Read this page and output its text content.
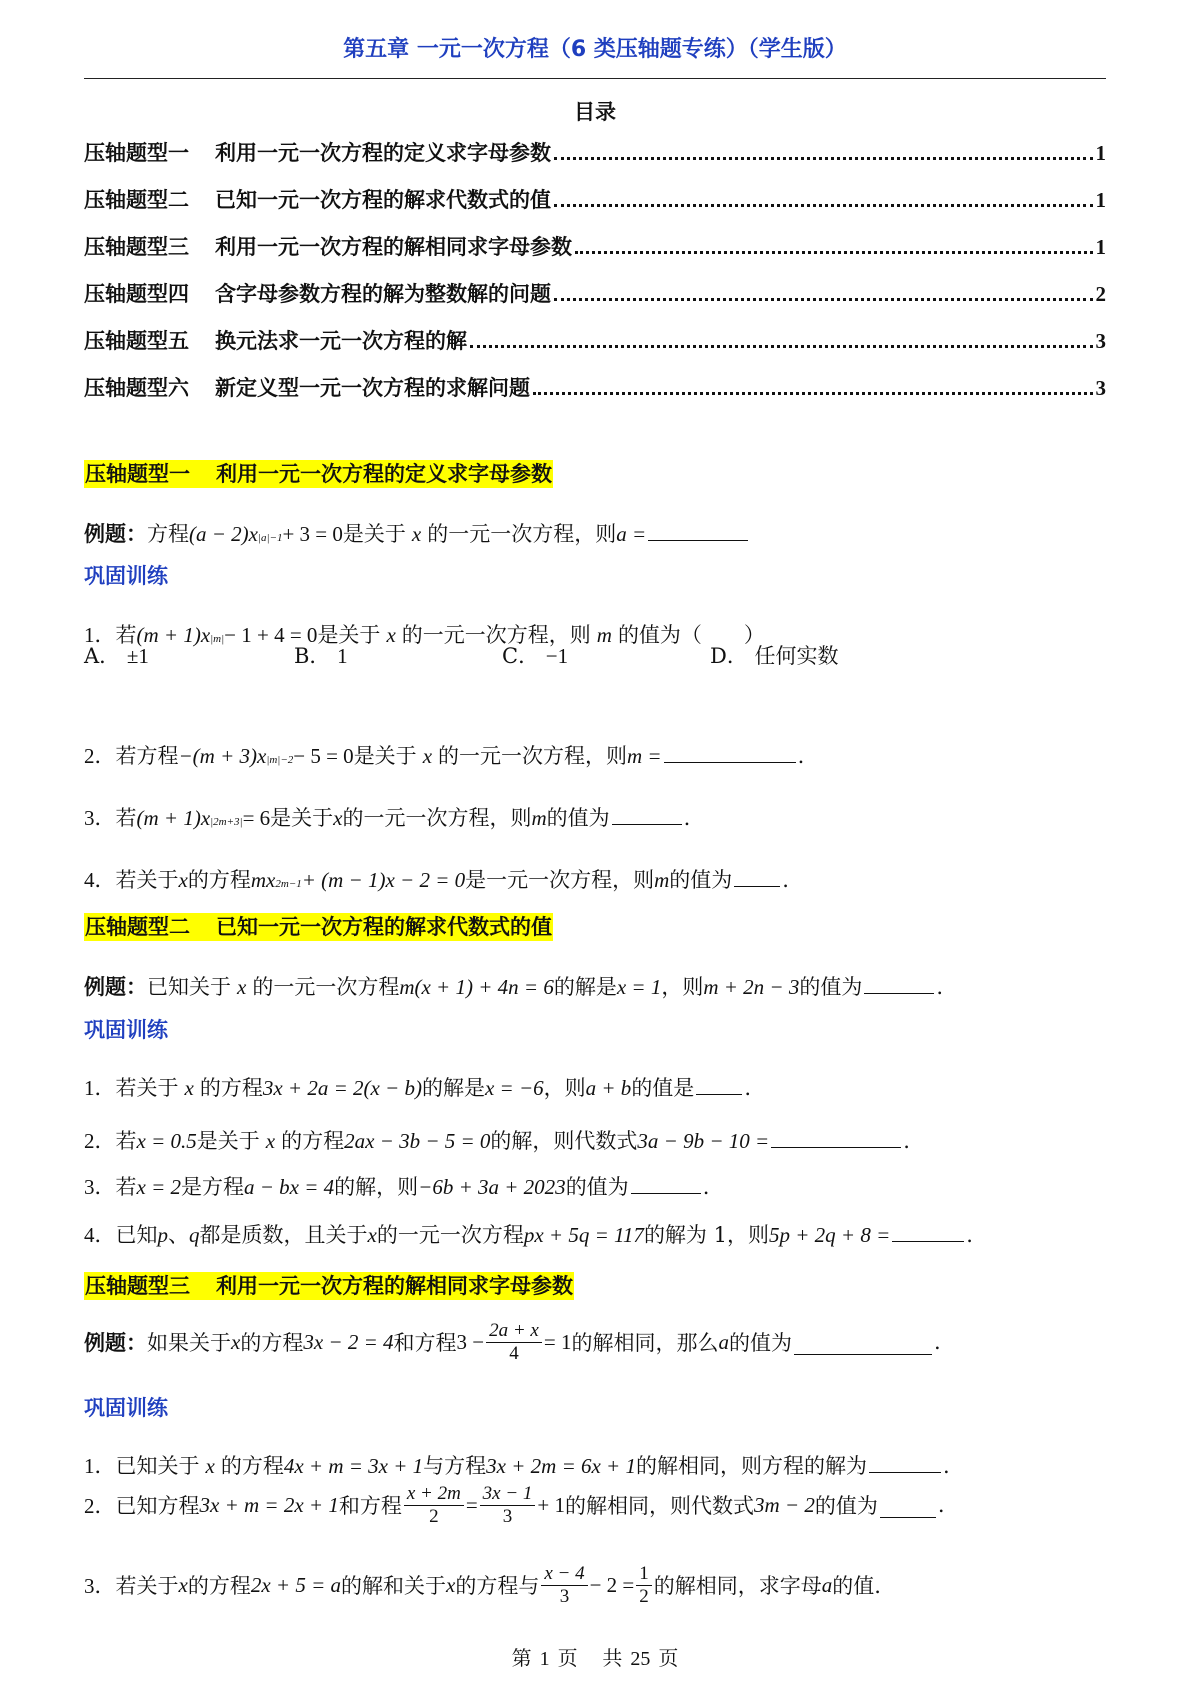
第五章 一元一次方程（6 类压轴题专练）（学生版）
目录
压轴题型一 利用一元一次方程的定义求字母参数	1
压轴题型二 已知一元一次方程的解求代数式的值	1
压轴题型三 利用一元一次方程的解相同求字母参数	1
压轴题型四 含字母参数方程的解为整数解的问题	2
压轴题型五 换元法求一元一次方程的解	3
压轴题型六 新定义型一元一次方程的求解问题	3
压轴题型一 利用一元一次方程的定义求字母参数
例题： 方程 (a − 2)x |a|−1 + 3 = 0 是关于 x 的一元一次方程，则 a =
巩固训练
1． 若 (m + 1)x |m| − 1 + 4 = 0 是关于 x 的一元一次方程，则 m 的值为（　　）
A． ±1	B． 1	C． −1	D． 任何实数
2． 若方程 −(m + 3)x |m|−2 − 5 = 0 是关于 x 的一元一次方程，则 m =	.
3． 若 (m + 1)x |2m+3| = 6 是关于 x 的一元一次方程，则 m 的值为	.
4． 若关于 x 的方程 mx 2m−1 + (m − 1)x − 2 = 0 是一元一次方程，则 m 的值为 .
压轴题型二 已知一元一次方程的解求代数式的值
例题： 已知关于 x 的一元一次方程 m(x + 1) + 4n = 6 的解是 x = 1 ，则 m + 2n − 3 的值为	.
巩固训练
1． 若关于 x 的方程 3x + 2a = 2(x − b) 的解是 x = −6 ，则 a + b 的值是 .
2． 若 x = 0.5 是关于 x 的方程 2ax − 3b − 5 = 0 的解，则代数式 3a − 9b − 10 =	.
3． 若 x = 2 是方程 a − bx = 4 的解，则 −6b + 3a + 2023 的值为	.
4． 已知 p 、 q 都是质数，且关于 x 的一元一次方程 px + 5q = 117 的解为 1，则 5p + 2q + 8 =	.
压轴题型三 利用一元一次方程的解相同求字母参数
例题： 如果关于 x 的方程 3x − 2 = 4 和方程 $3 - \frac{2a + x}{4} = 1$ 的解相同，那么 a 的值为	.
巩固训练
1． 已知关于 x 的方程 4x + m = 3x + 1 与方程 3x + 2m = 6x + 1 的解相同，则方程的解为	.
2． 已知方程 3x + m = 2x + 1 和方程 $\frac{x + 2m}{2} = \frac{3x - 1}{3} + 1$ 的解相同，则代数式 3m − 2 的值为	.
3． 若关于 x 的方程 2x + 5 = a 的解和关于 x 的方程与 $\frac{x - 4}{3} - 2 = \frac{1}{2}$ 的解相同，求字母 a 的值.
第 1 页 共 25 页
